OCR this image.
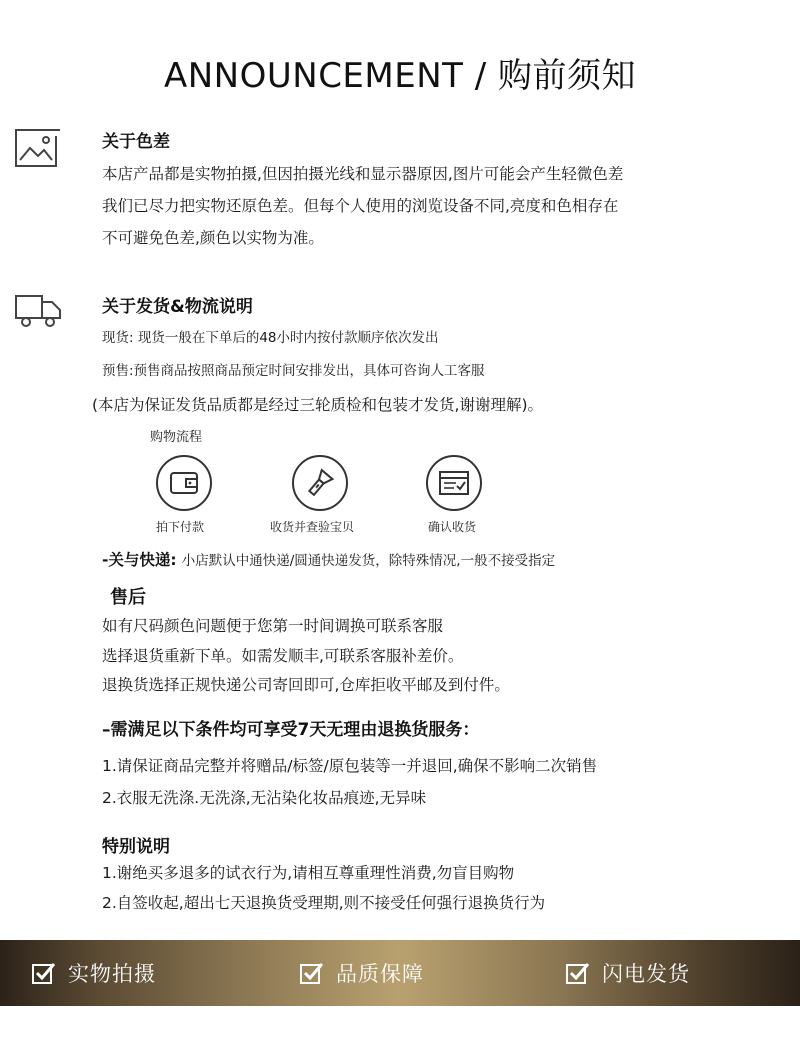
ANNOUNCEMENT / 购前须知
关于色差
本店产品都是实物拍摄,但因拍摄光线和显示器原因,图片可能会产生轻微色差
我们已尽力把实物还原色差。但每个人使用的浏览设备不同,亮度和色相存在
不可避免色差,颜色以实物为准。
关于发货&物流说明
现货: 现货一般在下单后的48小时内按付款顺序依次发出
预售:预售商品按照商品预定时间安排发出，具体可咨询人工客服
(本店为保证发货品质都是经过三轮质检和包装才发货,谢谢理解)。
购物流程
拍下付款	收货并查验宝贝	确认收货
-关与快递: 小店默认中通快递/圆通快递发货，除特殊情况,一般不接受指定
售后
如有尺码颜色问题便于您第一时间调换可联系客服
选择退货重新下单。如需发顺丰,可联系客服补差价。
退换货选择正规快递公司寄回即可,仓库拒收平邮及到付件。
–需满足以下条件均可享受7天无理由退换货服务：
1.请保证商品完整并将赠品/标签/原包装等一并退回,确保不影响二次销售
2.衣服无洗涤.无洗涤,无沾染化妆品痕迹,无异味
特别说明
1.谢绝买多退多的试衣行为,请相互尊重理性消费,勿盲目购物
2.自签收起,超出七天退换货受理期,则不接受任何强行退换货行为
实物拍摄	品质保障	闪电发货
